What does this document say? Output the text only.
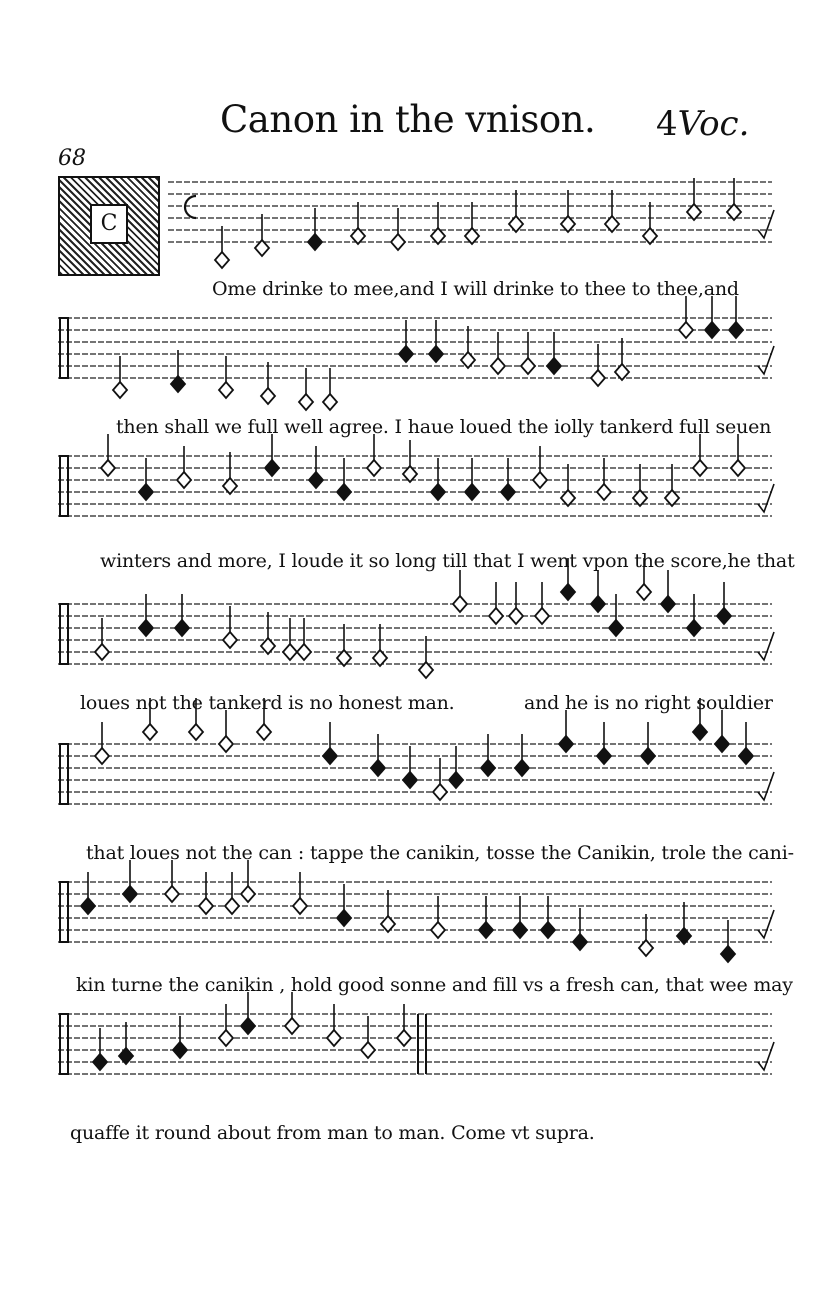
Canon in the vnison. 4Voc.
68
C
Ome drinke to mee,and I will drinke to thee to thee,and
then shall we full well agree. I haue loued the iolly tankerd full seuen
winters and more, I loude it so long till that I went vpon the score,he that
loues not the tankerd is no honest man.	and he is no right souldier
that loues not the can : tappe the canikin, tosse the Canikin, trole the cani-
kin turne the canikin , hold good sonne and fill vs a fresh can, that wee may
quaffe it round about from man to man. Come vt supra.
